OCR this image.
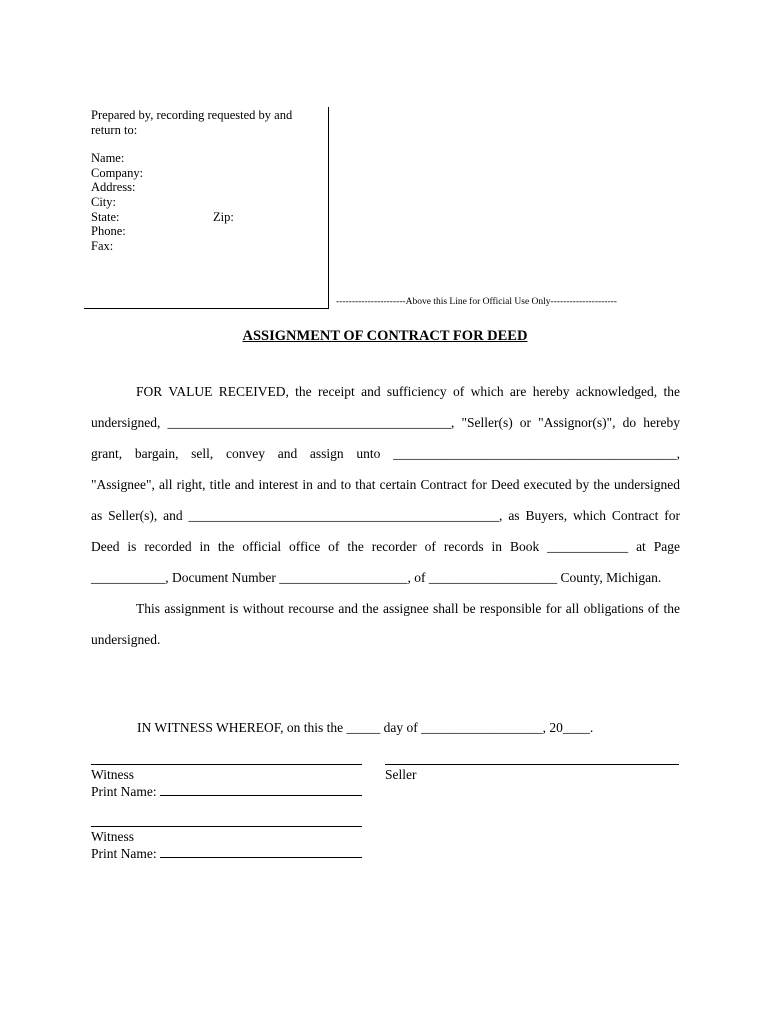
Prepared by, recording requested by and
return to:
Name:
Company:
Address:
City:
State:	Zip:
Phone:
Fax:
----------------------Above this Line for Official Use Only---------------------
ASSIGNMENT OF CONTRACT FOR DEED

FOR VALUE RECEIVED, the receipt and sufficiency of which are hereby acknowledged, the undersigned, __________________________________________, "Seller(s) or "Assignor(s)", do hereby grant, bargain, sell, convey and assign unto __________________________________________, "Assignee", all right, title and interest in and to that certain Contract for Deed executed by the undersigned as Seller(s), and ______________________________________________, as Buyers, which Contract for Deed is recorded in the official office of the recorder of records in Book ____________ at Page ___________, Document Number ___________________, of ___________________ County, Michigan.

This assignment is without recourse and the assignee shall be responsible for all obligations of the undersigned.

IN WITNESS WHEREOF, on this the _____ day of __________________, 20____.
Witness	Seller
Print Name:
Witness
Print Name:
